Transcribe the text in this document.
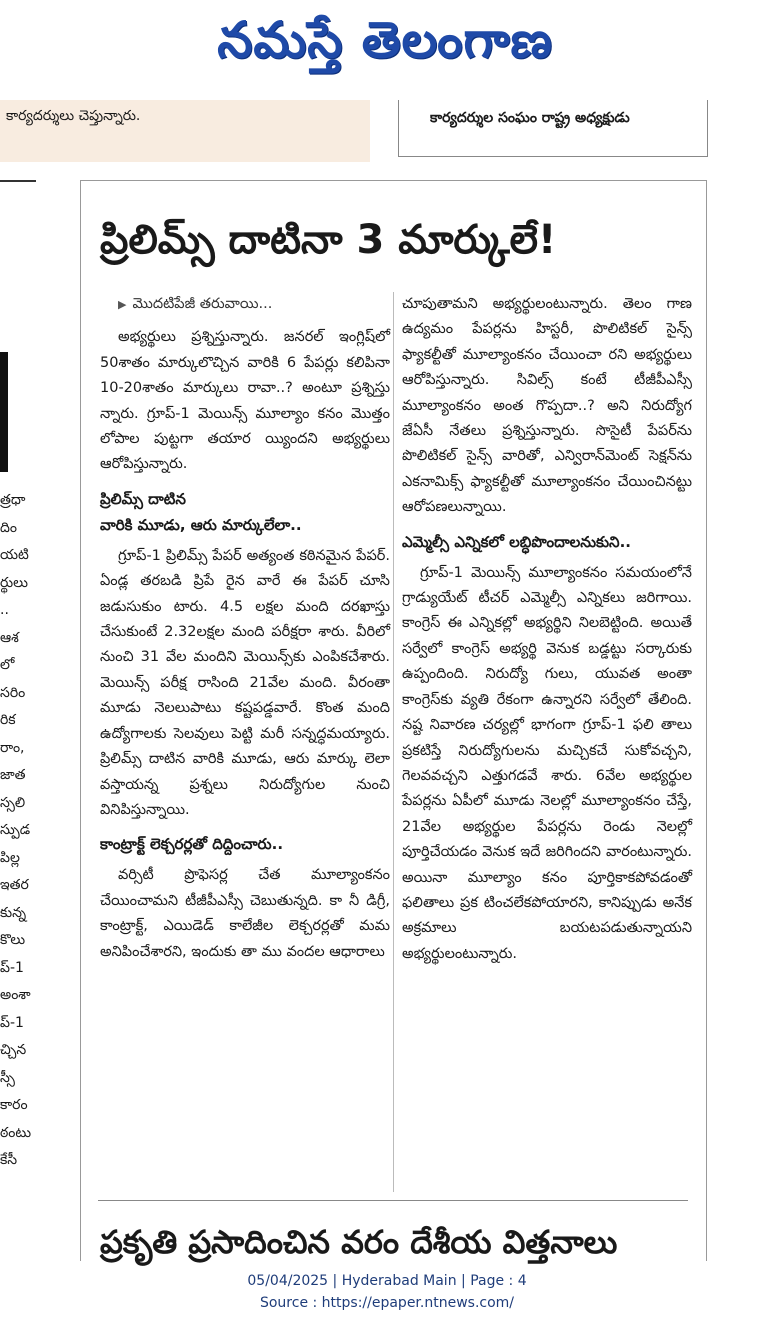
నమస్తే తెలంగాణ
కార్యదర్శులు చెప్తున్నారు.	కార్యదర్శుల సంఘం రాష్ట్ర అధ్యక్షుడు
త్రధా
దిం
యటి
ర్థులు
..
ఆశ
లో
సరిం
రిక
రాం,
జాత
స్సలి
స్పుడ
పిల్ల
ఇతర
కున్న
కొలు
ప్-1
అంశా
ప్-1
చ్చిన
స్సీ
కారం
ఠంటు
కేసీ
ప్రిలిమ్స్ దాటినా 3 మార్కులే!
▶ మొదటిపేజీ తరువాయి...

అభ్యర్థులు ప్రశ్నిస్తున్నారు. జనరల్ ఇంగ్లిష్‌లో 50శాతం మార్కులొచ్చిన వారికి 6 పేపర్లు కలిపినా 10-20శాతం మార్కులు రావా..? అంటూ ప్రశ్నిస్తు న్నారు. గ్రూప్-1 మెయిన్స్ మూల్యాం కనం మొత్తం లోపాల పుట్టగా తయార య్యిందని అభ్యర్థులు ఆరోపిస్తున్నారు.

ప్రిలిమ్స్ దాటిన
వారికి మూడు, ఆరు మార్కులేలా..

గ్రూప్-1 ప్రిలిమ్స్ పేపర్ అత్యంత కఠినమైన పేపర్. ఏండ్ల తరబడి ప్రిపే రైన వారే ఈ పేపర్ చూసి జడుసుకుం టారు. 4.5 లక్షల మంది దరఖాస్తు చేసుకుంటే 2.32లక్షల మంది పరీక్షరా శారు. వీరిలో నుంచి 31 వేల మందిని మెయిన్స్‌కు ఎంపికచేశారు. మెయిన్స్ పరీక్ష రాసింది 21వేల మంది. వీరంతా మూడు నెలలుపాటు కష్టపడ్డవారే. కొంత మంది ఉద్యోగాలకు సెలవులు పెట్టి మరీ సన్నద్ధమయ్యారు. ప్రిలిమ్స్ దాటిన వారికి మూడు, ఆరు మార్కు లెలా వస్తాయన్న ప్రశ్నలు నిరుద్యోగుల నుంచి వినిపిస్తున్నాయి.

కాంట్రాక్ట్ లెక్చరర్లతో దిద్దించారు..

వర్సిటీ ప్రొఫెసర్ల చేత మూల్యాంకనం చేయించామని టీజీపీఎస్సీ చెబుతున్నది. కా నీ డిగ్రీ, కాంట్రాక్ట్, ఎయిడెడ్ కాలేజీల లెక్చరర్లతో మమ అనిపించేశారని, ఇందుకు తా ము వందల ఆధారాలు

చూపుతామని అభ్యర్థులంటున్నారు. తెలం గాణ ఉద్యమం పేపర్లను హిస్టరీ, పొలిటికల్ సైన్స్ ఫ్యాకల్టీతో మూల్యాంకనం చేయించా రని అభ్యర్థులు ఆరోపిస్తున్నారు. సివిల్స్ కంటే టీజీపీఎస్సీ మూల్యాంకనం అంత గొప్పదా..? అని నిరుద్యోగ జేఏసీ నేతలు ప్రశ్నిస్తున్నారు. సొసైటీ పేపర్‌ను పొలిటికల్ సైన్స్ వారితో, ఎన్విరాన్‌మెంట్ సెక్షన్‌ను ఎకనామిక్స్ ఫ్యాకల్టీతో మూల్యాంకనం చేయించినట్టు ఆరోపణలున్నాయి.

ఎమ్మెల్సీ ఎన్నికలో లబ్ధిపొందాలనుకుని..

గ్రూప్-1 మెయిన్స్ మూల్యాంకనం సమయంలోనే గ్రాడ్యుయేట్ టీచర్ ఎమ్మెల్సీ ఎన్నికలు జరిగాయి. కాంగ్రెస్ ఈ ఎన్నికల్లో అభ్యర్థిని నిలబెట్టింది. అయితే సర్వేలో కాంగ్రెస్ అభ్యర్థి వెనుక బడ్డట్టు సర్కారుకు ఉప్పందింది. నిరుద్యో గులు, యువత అంతా కాంగ్రెస్‌కు వ్యతి రేకంగా ఉన్నారని సర్వేలో తేలింది. నష్ట నివారణ చర్యల్లో భాగంగా గ్రూప్-1 ఫలి తాలు ప్రకటిస్తే నిరుద్యోగులను మచ్చికచే సుకోవచ్చని, గెలవవచ్చని ఎత్తుగడవే శారు. 6వేల అభ్యర్థుల పేపర్లను ఏపీలో మూడు నెలల్లో మూల్యాంకనం చేస్తే, 21వేల అభ్యర్థుల పేపర్లను రెండు నెలల్లో పూర్తిచేయడం వెనుక ఇదే జరిగిందని వారంటున్నారు. అయినా మూల్యాం కనం పూర్తికాకపోవడంతో ఫలితాలు ప్రక టించలేకపోయారని, కానిప్పుడు అనేక అక్రమాలు బయటపడుతున్నాయని అభ్యర్థులంటున్నారు.

ప్రకృతి ప్రసాదించిన వరం దేశీయ విత్తనాలు
05/04/2025 | Hyderabad Main | Page : 4
Source : https://epaper.ntnews.com/
